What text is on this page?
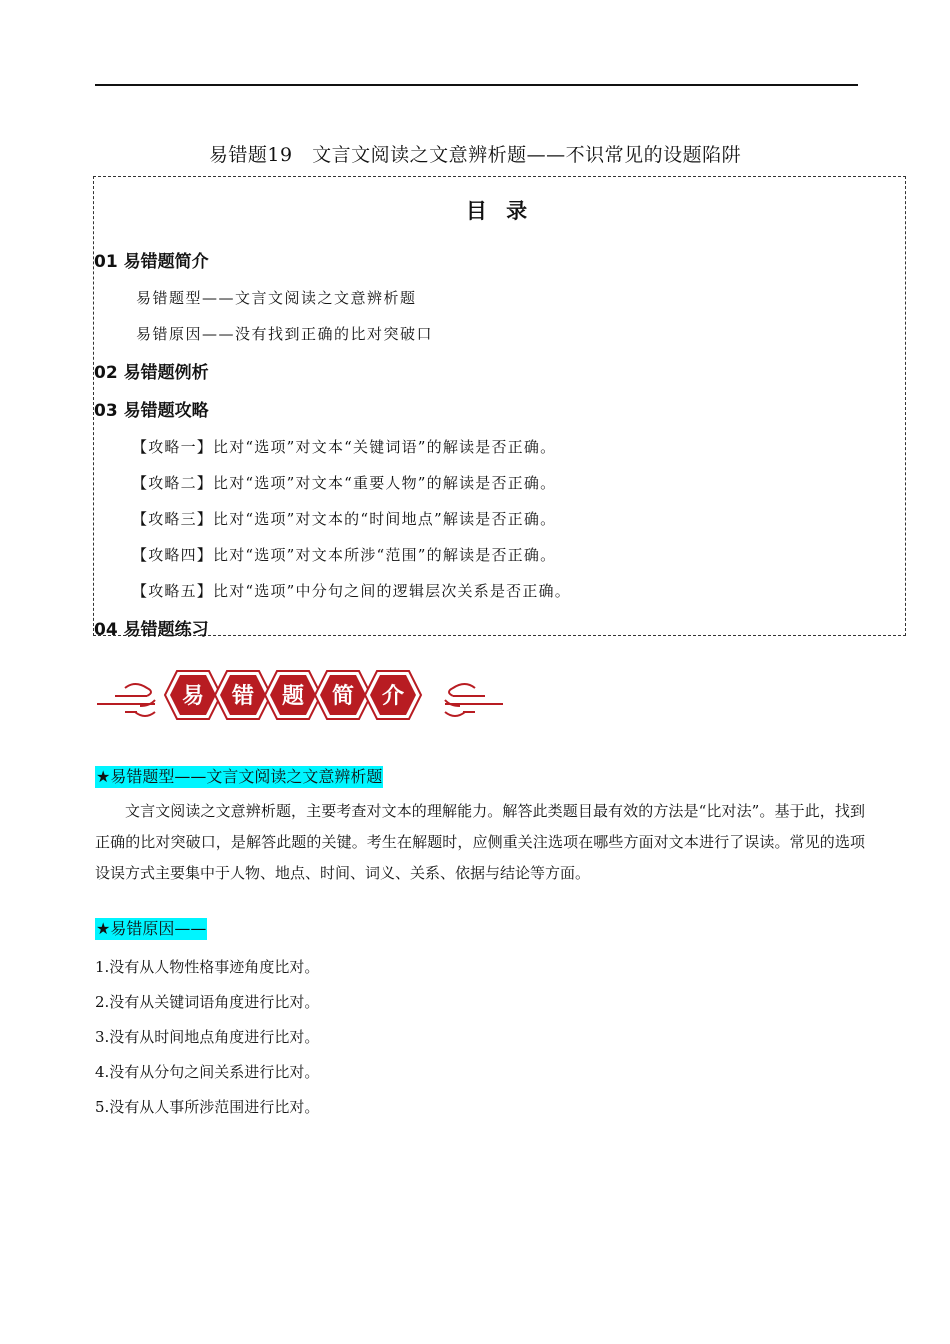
易错题19　文言文阅读之文意辨析题——不识常见的设题陷阱
目 录
01 易错题简介
易错题型——文言文阅读之文意辨析题
易错原因——没有找到正确的比对突破口
02 易错题例析
03 易错题攻略
【攻略一】比对“选项”对文本“关键词语”的解读是否正确。
【攻略二】比对“选项”对文本“重要人物”的解读是否正确。
【攻略三】比对“选项”对文本的“时间地点”解读是否正确。
【攻略四】比对“选项”对文本所涉“范围”的解读是否正确。
【攻略五】比对“选项”中分句之间的逻辑层次关系是否正确。
04 易错题练习
易 错 题 简 介
★易错题型——文言文阅读之文意辨析题
文言文阅读之文意辨析题，主要考查对文本的理解能力。解答此类题目最有效的方法是“比对法”。基于此，找到正确的比对突破口，是解答此题的关键。考生在解题时，应侧重关注选项在哪些方面对文本进行了误读。常见的选项设误方式主要集中于人物、地点、时间、词义、关系、依据与结论等方面。
★易错原因——
1.没有从人物性格事迹角度比对。
2.没有从关键词语角度进行比对。
3.没有从时间地点角度进行比对。
4.没有从分句之间关系进行比对。
5.没有从人事所涉范围进行比对。
